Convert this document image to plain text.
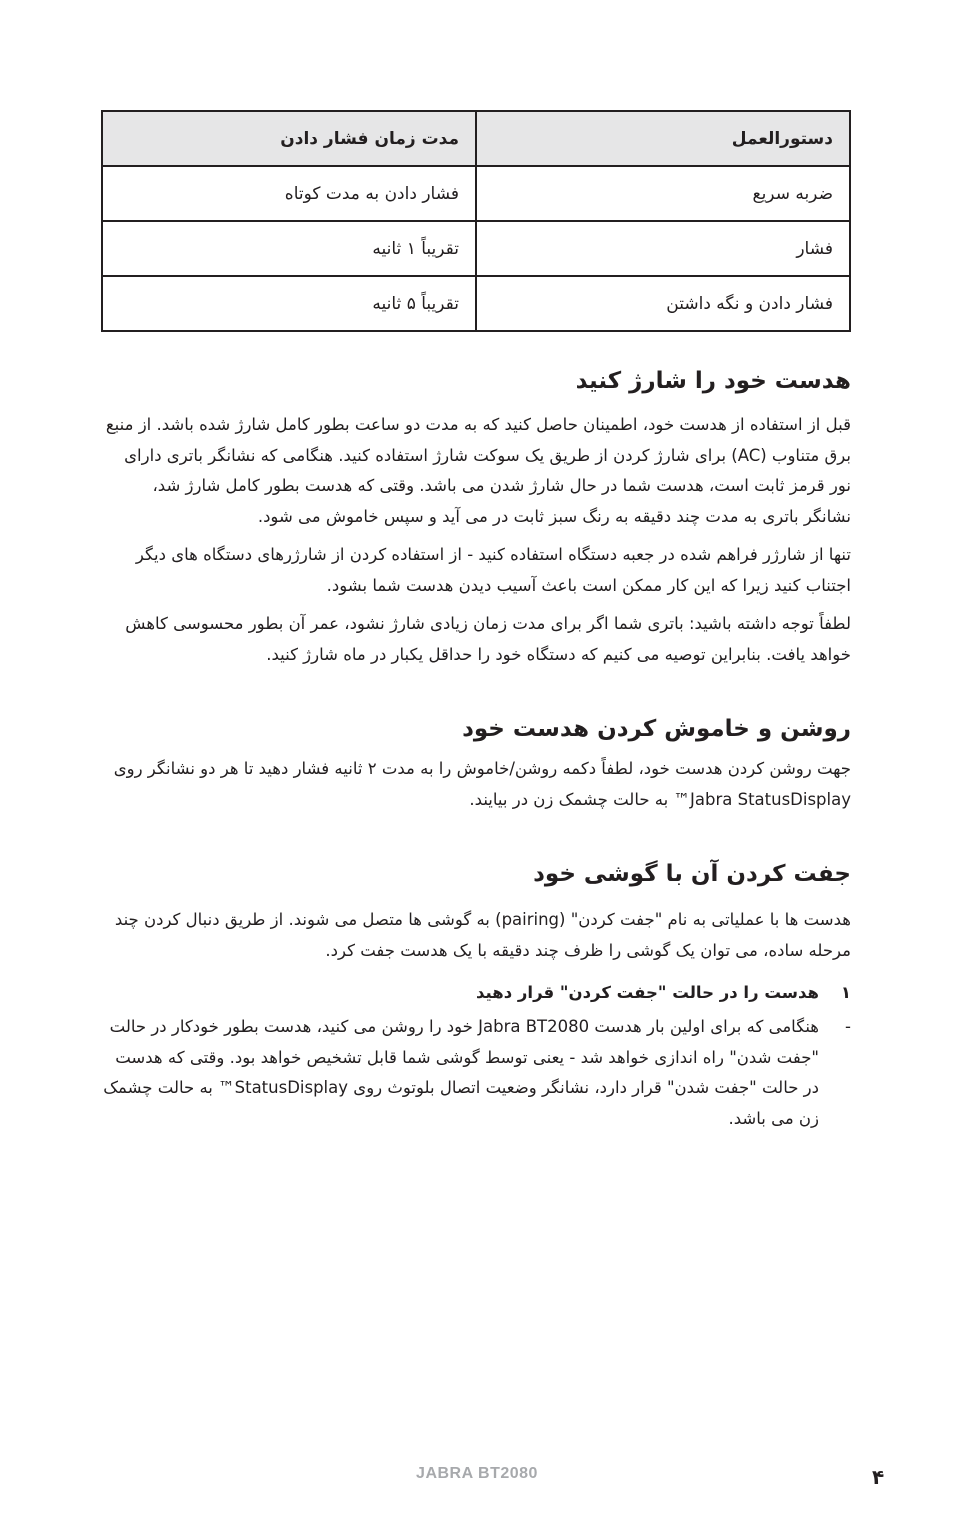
دستورالعمل	مدت زمان فشار دادن
ضربه سریع	فشار دادن به مدت کوتاه
فشار	تقریباً ۱ ثانیه
فشار دادن و نگه داشتن	تقریباً ۵ ثانیه
هدست خود را شارژ کنید

قبل از استفاده از هدست خود، اطمینان حاصل کنید که به مدت دو ساعت بطور کامل شارژ شده باشد. از منبع برق متناوب (AC) برای شارژ کردن از طریق یک سوکت شارژ استفاده کنید. هنگامی که نشانگر باتری دارای نور قرمز ثابت است، هدست شما در حال شارژ شدن می باشد. وقتی که هدست بطور کامل شارژ شد، نشانگر باتری به مدت چند دقیقه به رنگ سبز ثابت در می آید و سپس خاموش می شود.

تنها از شارژر فراهم شده در جعبه دستگاه استفاده کنید - از استفاده کردن از شارژرهای دستگاه های دیگر اجتناب کنید زیرا که این کار ممکن است باعث آسیب دیدن هدست شما بشود.

لطفاً توجه داشته باشید: باتری شما اگر برای مدت زمان زیادی شارژ نشود، عمر آن بطور محسوسی کاهش خواهد یافت. بنابراین توصیه می کنیم که دستگاه خود را حداقل یکبار در ماه شارژ کنید.

روشن و خاموش کردن هدست خود

جهت روشن کردن هدست خود، لطفاً دکمه روشن/خاموش را به مدت ۲ ثانیه فشار دهید تا هر دو نشانگر روی Jabra StatusDisplay™ به حالت چشمک زن در بیایند.

جفت کردن آن با گوشی خود

هدست ها با عملیاتی به نام "جفت کردن" (pairing) به گوشی ها متصل می شوند. از طریق دنبال کردن چند مرحله ساده، می توان یک گوشی را ظرف چند دقیقه با یک هدست جفت کرد.

۱
هدست را در حالت "جفت کردن" قرار دهید
-
هنگامی که برای اولین بار هدست Jabra BT2080 خود را روشن می کنید، هدست بطور خودکار در حالت "جفت شدن" راه اندازی خواهد شد - یعنی توسط گوشی شما قابل تشخیص خواهد بود. وقتی که هدست در حالت "جفت شدن" قرار دارد، نشانگر وضعیت اتصال بلوتوث روی StatusDisplay™ به حالت چشمک زن می باشد.
JABRA BT2080	۴
